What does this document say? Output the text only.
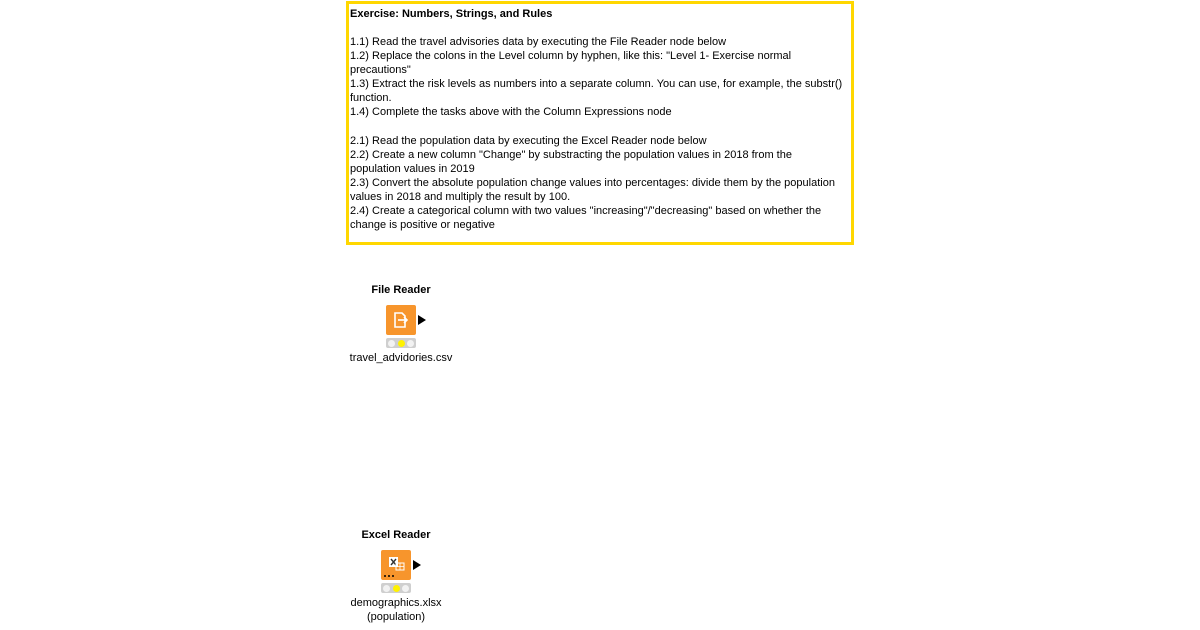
Exercise: Numbers, Strings, and Rules

1.1) Read the travel advisories data by executing the File Reader node below

1.2) Replace the colons in the Level column by hyphen, like this: "Level 1- Exercise normal precautions"

1.3) Extract the risk levels as numbers into a separate column. You can use, for example, the substr() function.

1.4) Complete the tasks above with the Column Expressions node

2.1) Read the population data by executing the Excel Reader node below

2.2) Create a new column "Change" by substracting the population values in 2018 from the population values in 2019

2.3) Convert the absolute population change values into percentages: divide them by the population values in 2018 and multiply the result by 100.

2.4) Create a categorical column with two values "increasing"/"decreasing" based on whether the change is positive or negative

File Reader
travel_advidories.csv
Excel Reader
demographics.xlsx
(population)
